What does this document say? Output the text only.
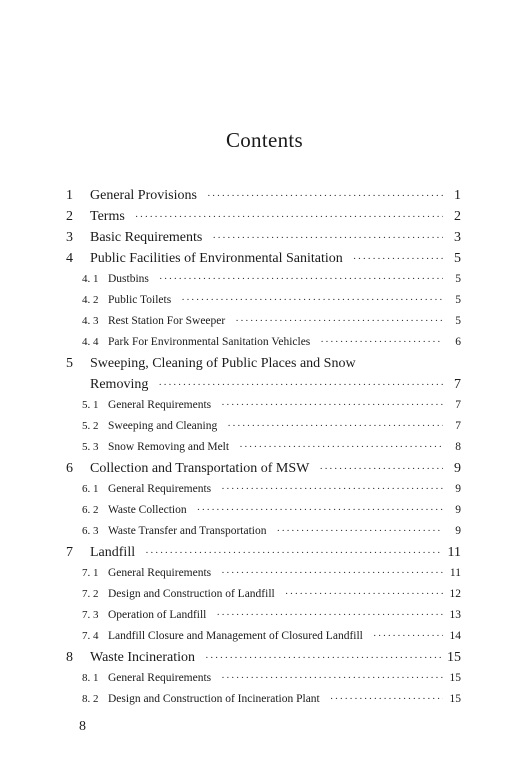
Contents
1	General Provisions ·····	1
2	Terms ·····	2
3	Basic Requirements ·····	3
4	Public Facilities of Environmental Sanitation ·····	5
4. 1 Dustbins ·····	5
4. 2 Public Toilets ·····	5
4. 3 Rest Station For Sweeper ·····	5
4. 4 Park For Environmental Sanitation Vehicles ·····	6
5	Sweeping, Cleaning of Public Places and Snow
Removing ·····	7
5. 1 General Requirements ·····	7
5. 2 Sweeping and Cleaning ·····	7
5. 3 Snow Removing and Melt ·····	8
6	Collection and Transportation of MSW ·····	9
6. 1 General Requirements ·····	9
6. 2 Waste Collection ·····	9
6. 3 Waste Transfer and Transportation ·····	9
7	Landfill ·····	11
7. 1 General Requirements ·····	11
7. 2 Design and Construction of Landfill ·····	12
7. 3 Operation of Landfill ·····	13
7. 4 Landfill Closure and Management of Closured Landfill ·····	14
8	Waste Incineration ·····	15
8. 1 General Requirements ·····	15
8. 2 Design and Construction of Incineration Plant ·····	15
8
